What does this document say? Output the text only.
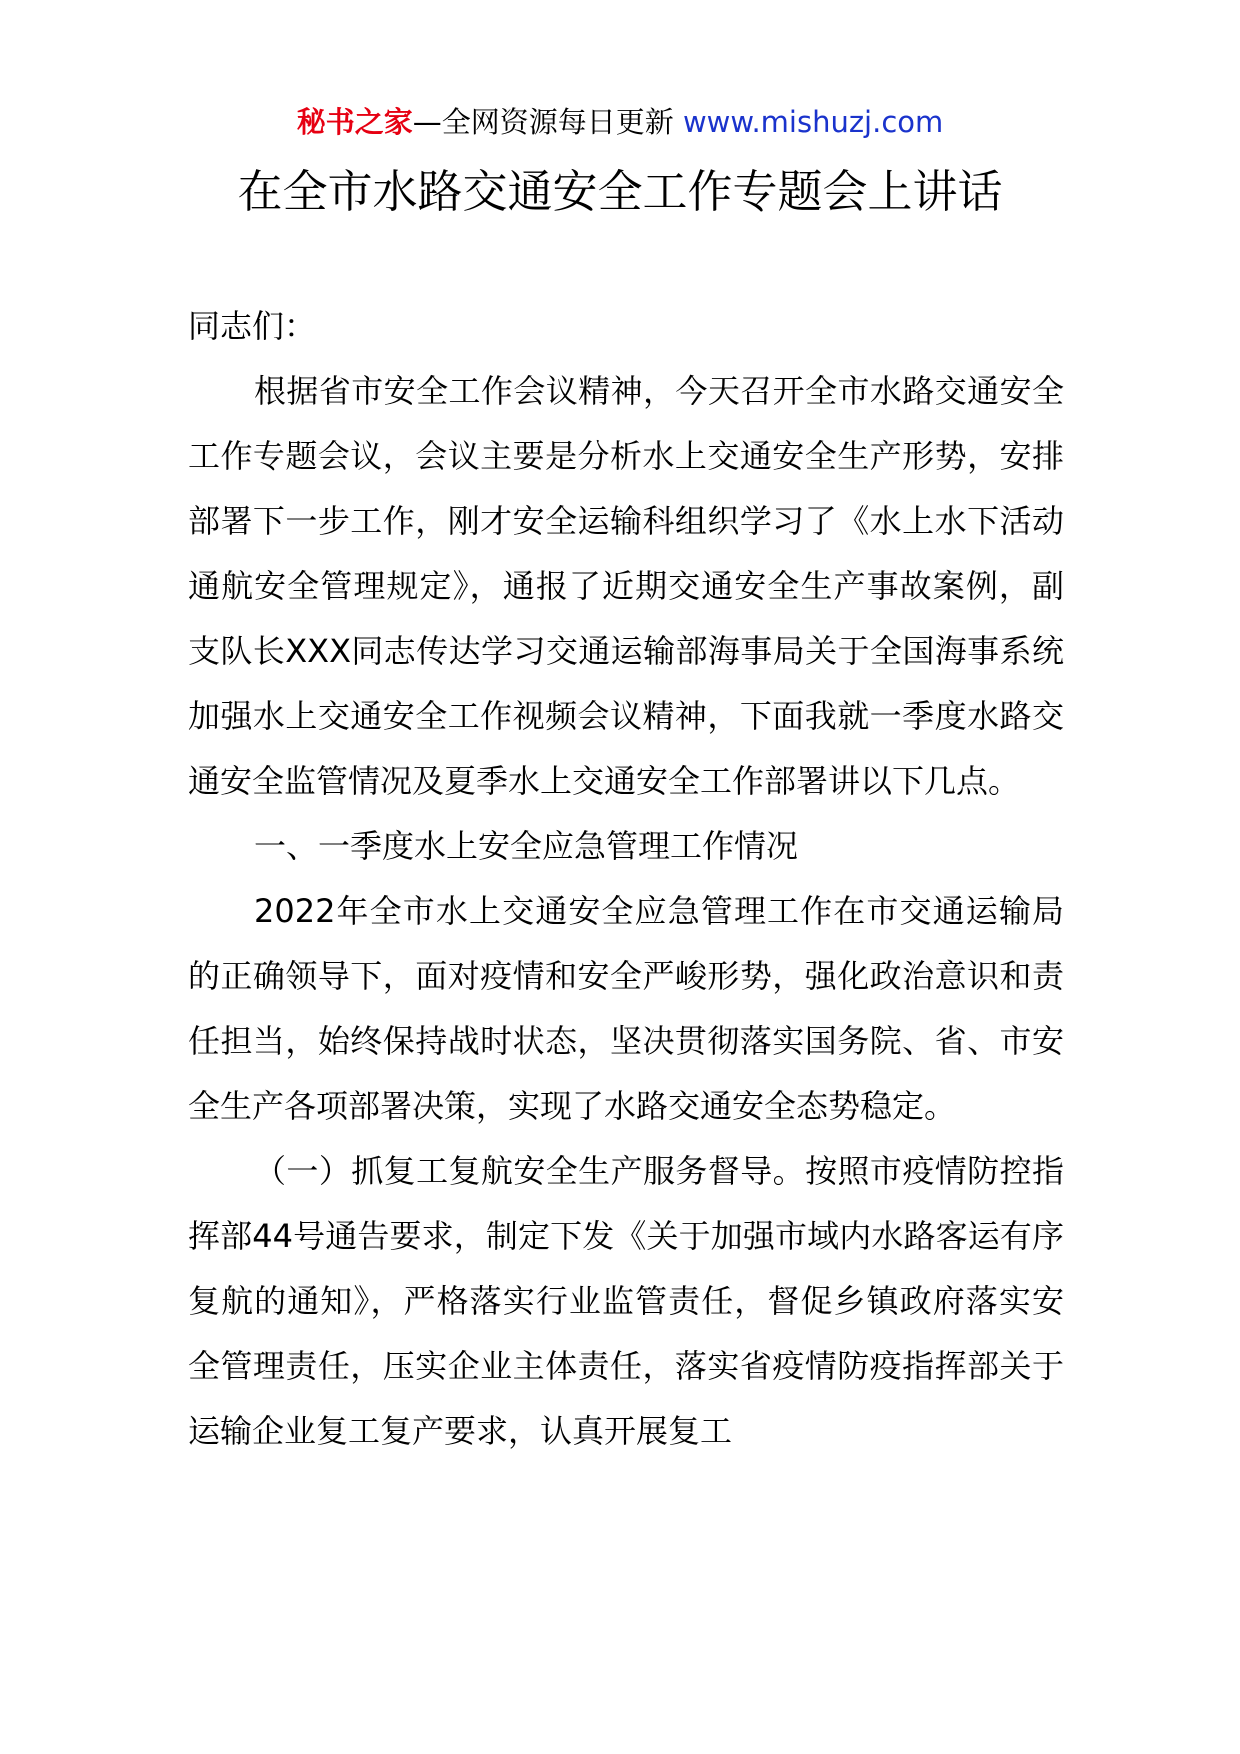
秘书之家—全网资源每日更新 www.mishuzj.com
在全市水路交通安全工作专题会上讲话

同志们：

根据省市安全工作会议精神，今天召开全市水路交通安全工作专题会议，会议主要是分析水上交通安全生产形势，安排部署下一步工作，刚才安全运输科组织学习了《水上水下活动通航安全管理规定》，通报了近期交通安全生产事故案例，副支队长XXX同志传达学习交通运输部海事局关于全国海事系统加强水上交通安全工作视频会议精神，下面我就一季度水路交通安全监管情况及夏季水上交通安全工作部署讲以下几点。

一、一季度水上安全应急管理工作情况

2022年全市水上交通安全应急管理工作在市交通运输局的正确领导下，面对疫情和安全严峻形势，强化政治意识和责任担当，始终保持战时状态，坚决贯彻落实国务院、省、市安全生产各项部署决策，实现了水路交通安全态势稳定。

（一）抓复工复航安全生产服务督导。按照市疫情防控指挥部44号通告要求，制定下发《关于加强市域内水路客运有序复航的通知》，严格落实行业监管责任，督促乡镇政府落实安全管理责任，压实企业主体责任，落实省疫情防疫指挥部关于运输企业复工复产要求，认真开展复工
